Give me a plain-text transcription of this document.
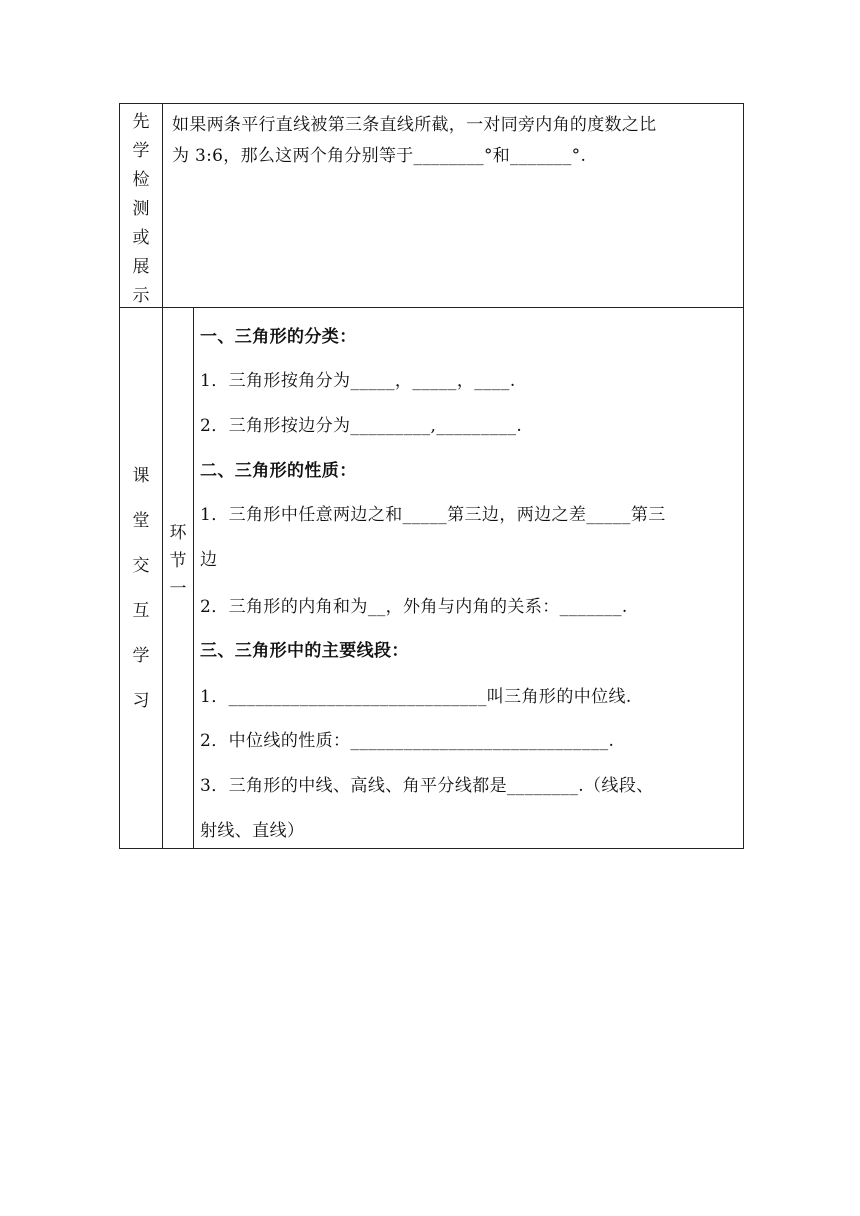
先
学
检
测
或
展
示
如果两条平行直线被第三条直线所截，一对同旁内角的度数之比
为 3:6，那么这两个角分别等于________°和_______°.
课
堂
交
互
学
习
环
节
一
一、三角形的分类：
1．三角形按角分为_____，_____，____.
2．三角形按边分为_________,_________.
二、三角形的性质：
1．三角形中任意两边之和_____第三边，两边之差_____第三
边
2．三角形的内角和为__，外角与内角的关系：_______.
三、三角形中的主要线段：
1．_____________________________叫三角形的中位线.
2．中位线的性质：_____________________________.
3．三角形的中线、高线、角平分线都是________.（线段、
射线、直线）
